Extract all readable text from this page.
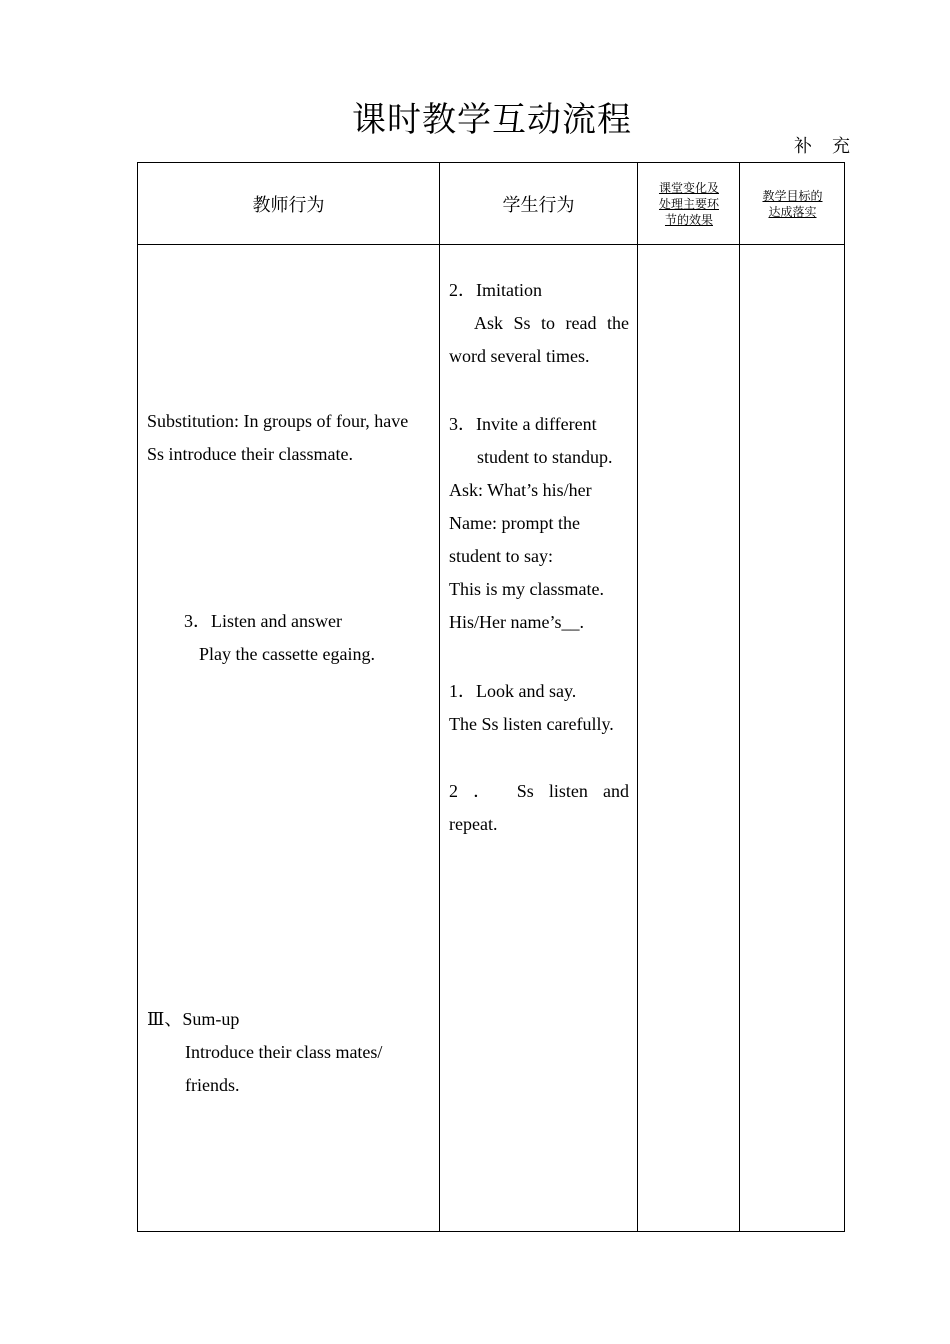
课时教学互动流程
补 充
教师行为	学生行为
课堂变化及
处理主要环
节的效果
教学目标的
达成落实
Substitution: In groups of four, have
Ss introduce their classmate.
3．Listen and answer
Play the cassette egaing.
Ⅲ、Sum-up
Introduce their class mates/
friends.
2．Imitation
Ask Ss to read the
word several times.
3．Invite a different
student to standup.
Ask: What’s his/her
Name: prompt the
student to say:
This is my classmate.
His/Her name’s__.
1．Look and say.
The Ss listen carefully.
2 ． Ss listen and
repeat.
